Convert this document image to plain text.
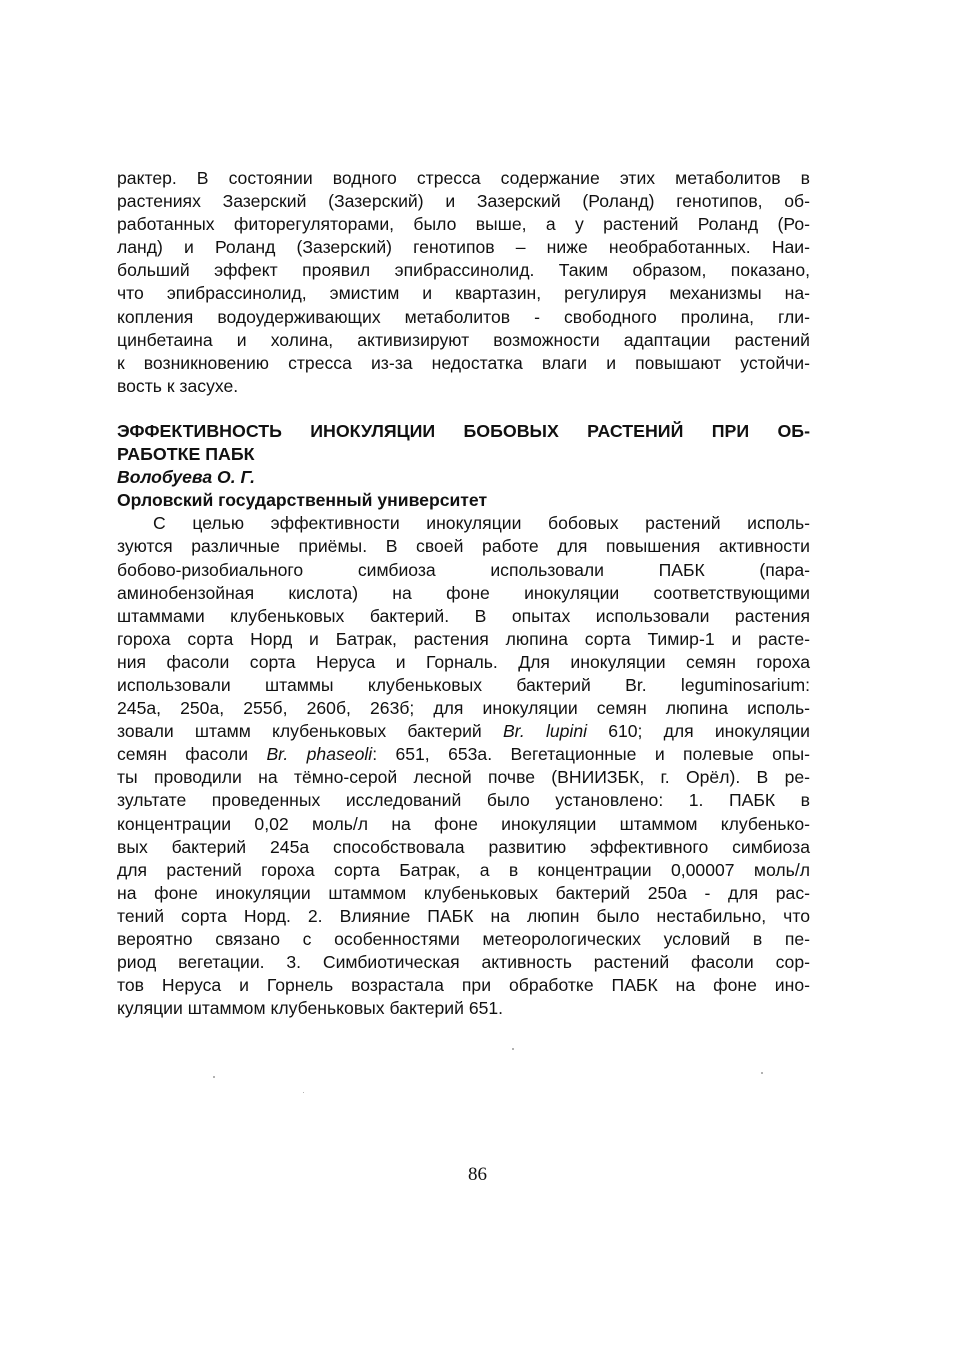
рактер. В состоянии водного стресса содержание этих метаболитов в
растениях Зазерский (Зазерский) и Зазерский (Роланд) генотипов, об-
работанных фиторегуляторами, было выше, а у растений Роланд (Ро-
ланд) и Роланд (Зазерский) генотипов – ниже необработанных. Наи-
больший эффект проявил эпибрассинолид. Таким образом, показано,
что эпибрассинолид, эмистим и квартазин, регулируя механизмы на-
копления водоудерживающих метаболитов - свободного пролина, гли-
цинбетаина и холина, активизируют возможности адаптации растений
к возникновению стресса из-за недостатка влаги и повышают устойчи-
вость к засухе.
ЭФФЕКТИВНОСТЬ ИНОКУЛЯЦИИ БОБОВЫХ РАСТЕНИЙ ПРИ ОБ-
РАБОТКЕ ПАБК
Волобуева О. Г.
Орловский государственный университет
С целью эффективности инокуляции бобовых растений исполь-
зуются различные приёмы. В своей работе для повышения активности
бобово-ризобиального симбиоза использовали ПАБК (пара-
аминобензойная кислота) на фоне инокуляции соответствующими
штаммами клубеньковых бактерий. В опытах использовали растения
гороха сорта Норд и Батрак, растения люпина сорта Тимир-1 и расте-
ния фасоли сорта Неруса и Горналь. Для инокуляции семян гороха
использовали штаммы клубеньковых бактерий Br. leguminosarium:
245а, 250а, 255б, 260б, 263б; для инокуляции семян люпина исполь-
зовали штамм клубеньковых бактерий Br. lupini 610; для инокуляции
семян фасоли Br. phaseoli: 651, 653а. Вегетационные и полевые опы-
ты проводили на тёмно-серой лесной почве (ВНИИЗБК, г. Орёл). В ре-
зультате проведенных исследований было установлено: 1. ПАБК в
концентрации 0,02 моль/л на фоне инокуляции штаммом клубенько-
вых бактерий 245а способствовала развитию эффективного симбиоза
для растений гороха сорта Батрак, а в концентрации 0,00007 моль/л
на фоне инокуляции штаммом клубеньковых бактерий 250а - для рас-
тений сорта Норд. 2. Влияние ПАБК на люпин было нестабильно, что
вероятно связано с особенностями метеорологических условий в пе-
риод вегетации. 3. Симбиотическая активность растений фасоли сор-
тов Неруса и Горнель возрастала при обработке ПАБК на фоне ино-
куляции штаммом клубеньковых бактерий 651.
86
